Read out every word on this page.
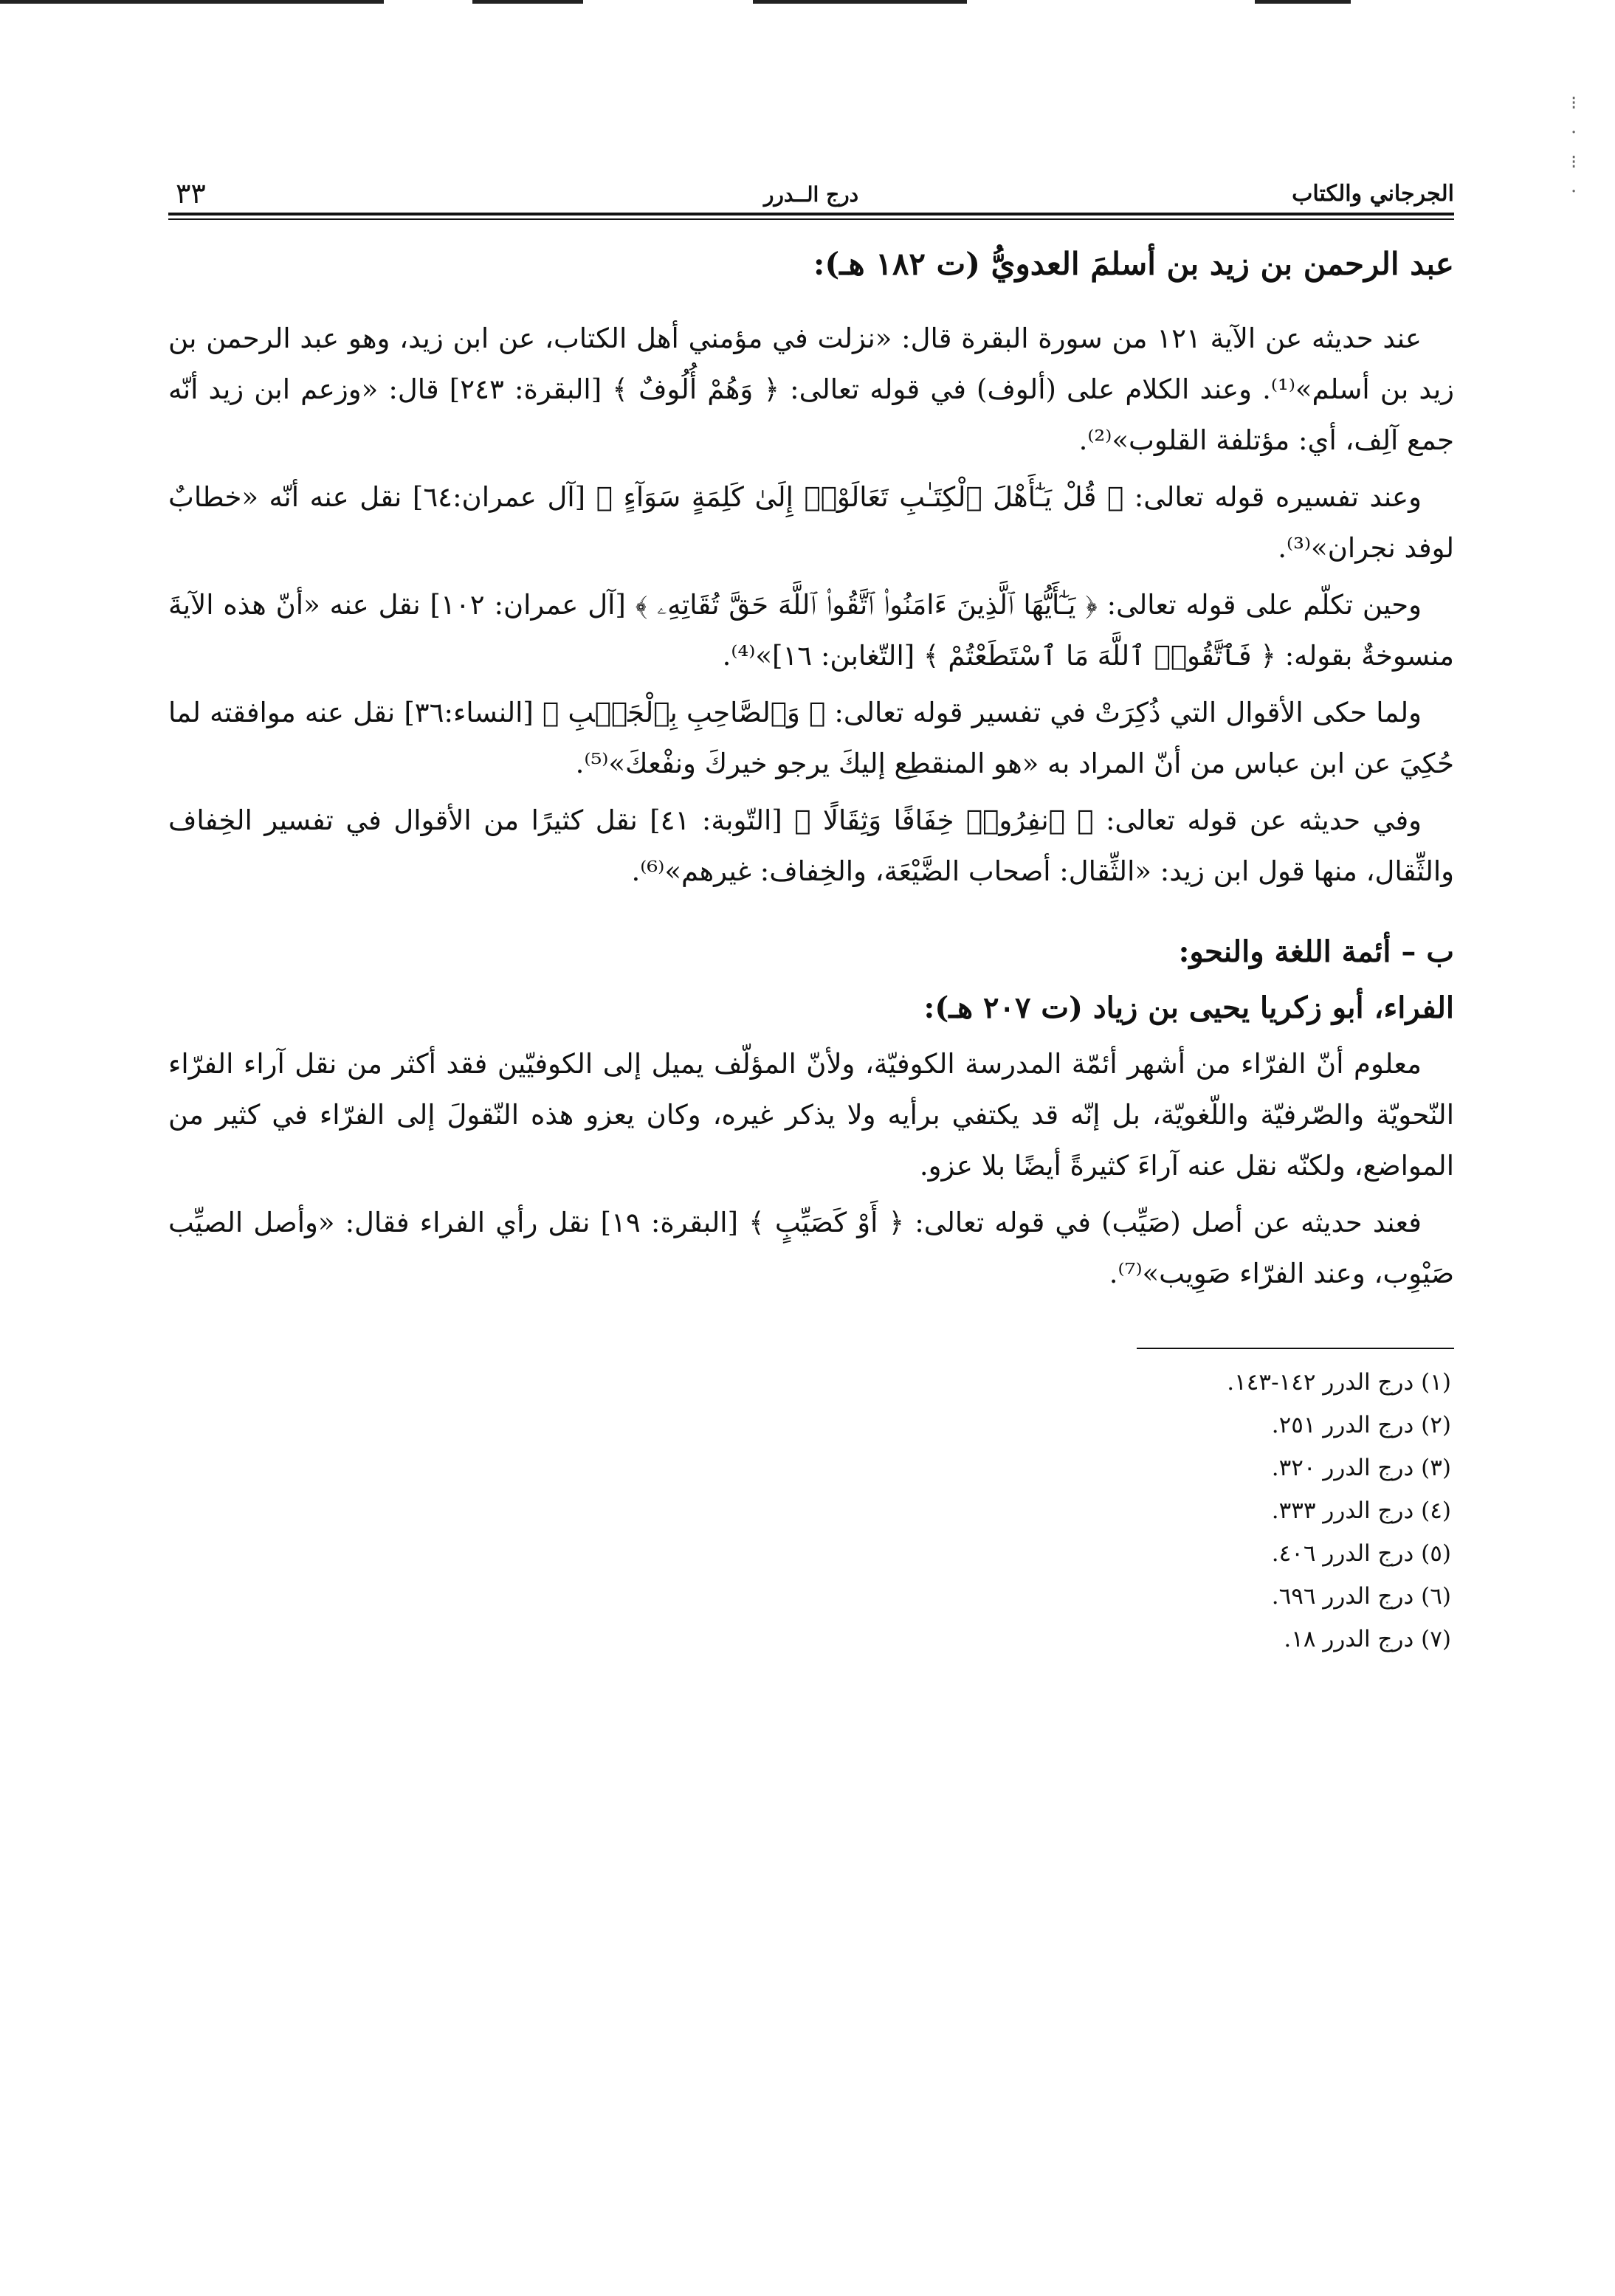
⁝
·
⁝
·
الجرجاني والكتاب
درج الــدرر
٣٣
عبد الرحمن بن زيد بن أسلمَ العدويُّ (ت ١٨٢ هـ):

عند حديثه عن الآية ١٢١ من سورة البقرة قال: «نزلت في مؤمني أهل الكتاب، عن ابن زيد، وهو عبد الرحمن بن زيد بن أسلم»⁽¹⁾. وعند الكلام على (ألوف) في قوله تعالى: ﴿ وَهُمْ أُلُوفٌ ﴾ [البقرة: ٢٤٣] قال: «وزعم ابن زيد أنّه جمع آلِف، أي: مؤتلفة القلوب»⁽²⁾.

وعند تفسيره قوله تعالى: ﴿ قُلْ يَـٰٓأَهْلَ ٱلْكِتَـٰبِ تَعَالَوْا۟ إِلَىٰ كَلِمَةٍ سَوَآءٍ ﴾ [آل عمران:٦٤] نقل عنه أنّه «خطابٌ لوفد نجران»⁽³⁾.

وحين تكلّم على قوله تعالى: ﴿ يَـٰٓأَيُّهَا ٱلَّذِينَ ءَامَنُوا۟ ٱتَّقُوا۟ ٱللَّهَ حَقَّ تُقَاتِهِۦ ﴾ [آل عمران: ١٠٢] نقل عنه «أنّ هذه الآيةَ منسوخةٌ بقوله: ﴿ فَٱتَّقُوا۟ ٱللَّهَ مَا ٱسْتَطَعْتُمْ ﴾ [التّغابن: ١٦]»⁽⁴⁾.

ولما حكى الأقوال التي ذُكِرَتْ في تفسير قوله تعالى: ﴿ وَٱلصَّاحِبِ بِٱلْجَنۢبِ ﴾ [النساء:٣٦] نقل عنه موافقته لما حُكِيَ عن ابن عباس من أنّ المراد به «هو المنقطِع إليكَ يرجو خيركَ ونفْعكَ»⁽⁵⁾.

وفي حديثه عن قوله تعالى: ﴿ ٱنفِرُوا۟ خِفَافًا وَثِقَالًا ﴾ [التّوبة: ٤١] نقل كثيرًا من الأقوال في تفسير الخِفاف والثِّقال، منها قول ابن زيد: «الثِّقال: أصحاب الضَّيْعَة، والخِفاف: غيرهم»⁽⁶⁾.

ب – أئمة اللغة والنحو:
الفراء، أبو زكريا يحيى بن زياد (ت ٢٠٧ هـ):

معلوم أنّ الفرّاء من أشهر أئمّة المدرسة الكوفيّة، ولأنّ المؤلّف يميل إلى الكوفيّين فقد أكثر من نقل آراء الفرّاء النّحويّة والصّرفيّة واللّغويّة، بل إنّه قد يكتفي برأيه ولا يذكر غيره، وكان يعزو هذه النّقولَ إلى الفرّاء في كثير من المواضع، ولكنّه نقل عنه آراءَ كثيرةً أيضًا بلا عزو.

فعند حديثه عن أصل (صَيِّب) في قوله تعالى: ﴿ أَوْ كَصَيِّبٍ ﴾ [البقرة: ١٩] نقل رأي الفراء فقال: «وأصل الصيِّب صَيْوِب، وعند الفرّاء صَوِيب»⁽⁷⁾.

(١) درج الدرر ١٤٢-١٤٣.
(٢) درج الدرر ٢٥١.
(٣) درج الدرر ٣٢٠.
(٤) درج الدرر ٣٣٣.
(٥) درج الدرر ٤٠٦.
(٦) درج الدرر ٦٩٦.
(٧) درج الدرر ١٨.
